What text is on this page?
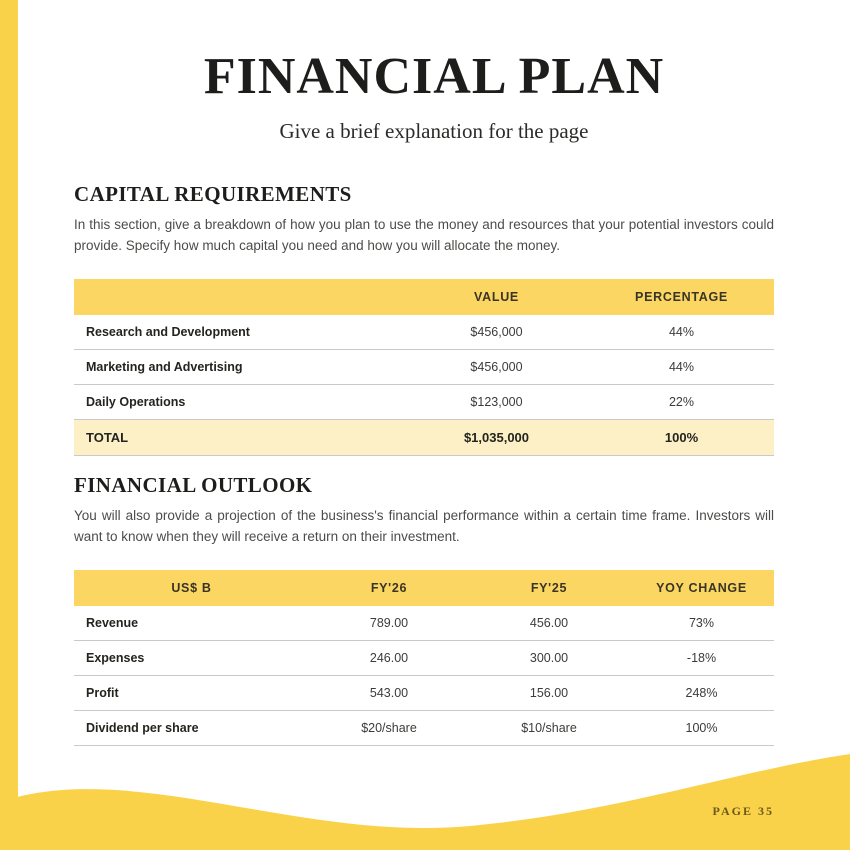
FINANCIAL PLAN

Give a brief explanation for the page

CAPITAL REQUIREMENTS

In this section, give a breakdown of how you plan to use the money and resources that your potential investors could provide. Specify how much capital you need and how you will allocate the money.

	VALUE	PERCENTAGE
Research and Development	$456,000	44%
Marketing and Advertising	$456,000	44%
Daily Operations	$123,000	22%
TOTAL	$1,035,000	100%
FINANCIAL OUTLOOK

You will also provide a projection of the business's financial performance within a certain time frame. Investors will want to know when they will receive a return on their investment.

US$ B	FY'26	FY'25	YOY CHANGE
Revenue	789.00	456.00	73%
Expenses	246.00	300.00	-18%
Profit	543.00	156.00	248%
Dividend per share	$20/share	$10/share	100%
PAGE 35
